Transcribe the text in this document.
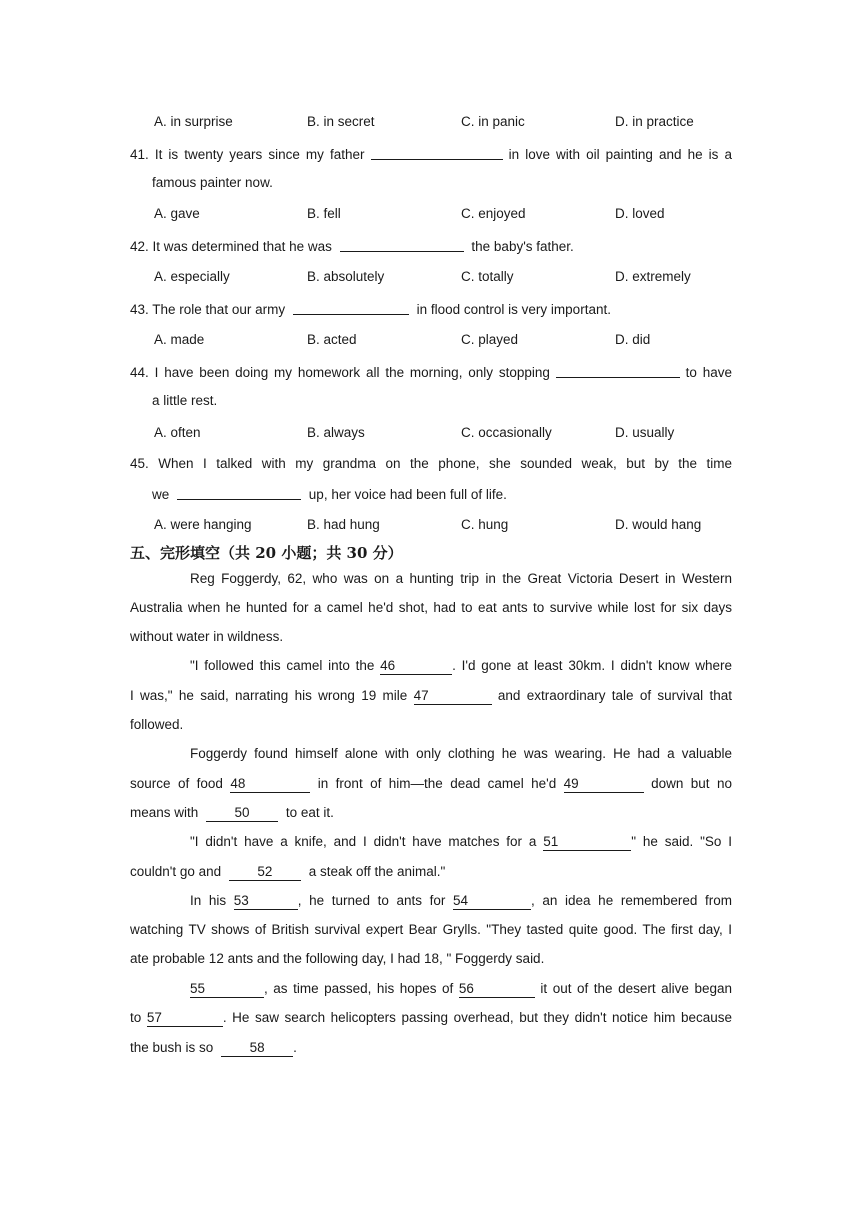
A. in surprise	B. in secret	C. in panic	D. in practice
41. It is twenty years since my father	in love with oil painting and he is a
famous painter now.
A. gave	B. fell	C. enjoyed	D. loved
42. It was determined that he was	the baby's father.
A. especially	B. absolutely	C. totally	D. extremely
43. The role that our army	in flood control is very important.
A. made	B. acted	C. played	D. did
44. I have been doing my homework all the morning, only stopping	to have
a little rest.
A. often	B. always	C. occasionally	D. usually
45. When I talked with my grandma on the phone, she sounded weak, but by the time
we	up, her voice had been full of life.
A. were hanging	B. had hung	C. hung	D. would hang
五、完形填空（共 20 小题；共 30 分）
Reg Foggerdy, 62, who was on a hunting trip in the Great Victoria Desert in Western
Australia when he hunted for a camel he'd shot, had to eat ants to survive while lost for six days
without water in wildness.
"I followed this camel into the 46	. I'd gone at least 30km. I didn't know where
I was," he said, narrating his wrong 19 mile 47	and extraordinary tale of survival that
followed.
Foggerdy found himself alone with only clothing he was wearing. He had a valuable
source of food 48	in front of him—the dead camel he'd 49	down but no
means with	50	to eat it.
"I didn't have a knife, and I didn't have matches for a 51	" he said. "So I
couldn't go and	52	a steak off the animal."
In his 53	, he turned to ants for 54	, an idea he remembered from
watching TV shows of British survival expert Bear Grylls. "They tasted quite good. The first day, I
ate probable 12 ants and the following day, I had 18, " Foggerdy said.
55	, as time passed, his hopes of 56	it out of the desert alive began
to 57	. He saw search helicopters passing overhead, but they didn't notice him because
the bush is so	58 .
